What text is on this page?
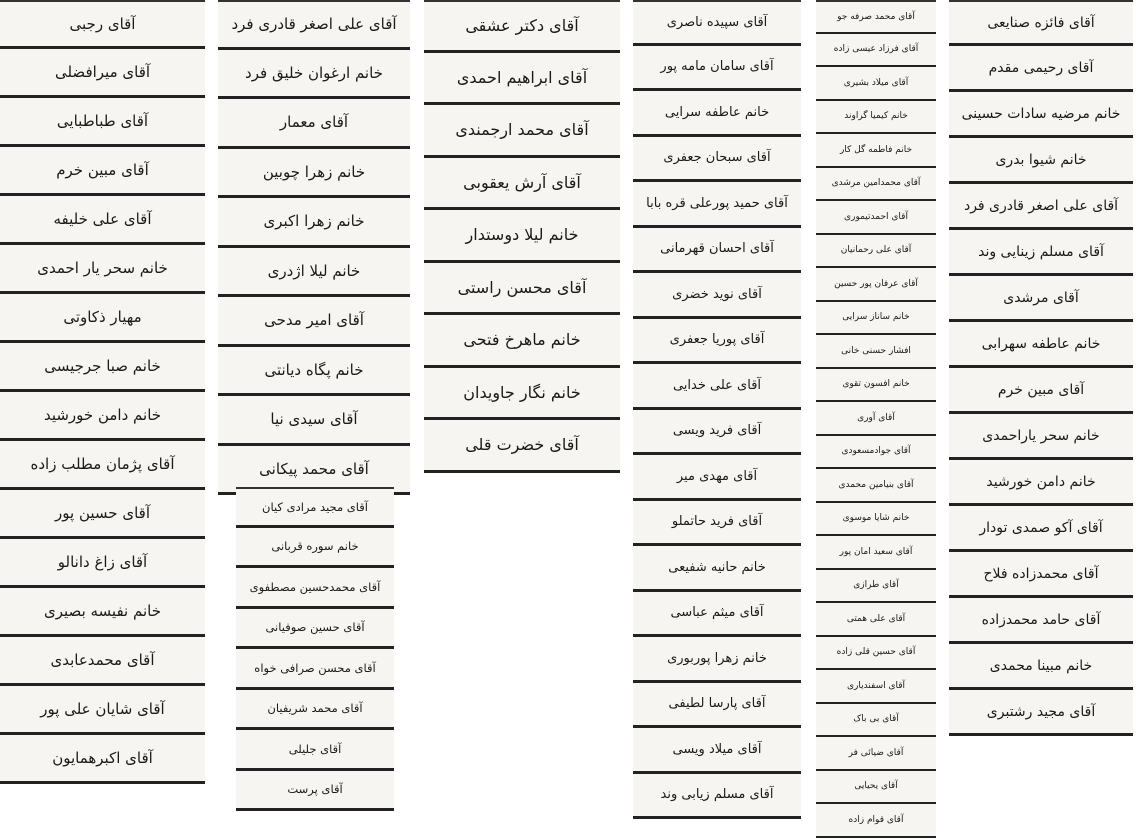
آقای رجبی
آقای میرافضلی
آقای طباطبایی
آقای مبین خرم
آقای علی خلیفه
خانم سحر یار احمدی
مهیار ذکاوتی
خانم صبا جرجیسی
خانم دامن خورشید
آقای پژمان مطلب زاده
آقای حسین پور
آقای زاغ دانالو
خانم نفیسه بصیری
آقای محمدعابدی
آقای شایان علی پور
آقای اکبرهمایون
آقای علی اصغر قادری فرد
خانم ارغوان خلیق فرد
آقای معمار
خانم زهرا چوبین
خانم زهرا اکبری
خانم لیلا اژدری
آقای امیر مدحی
خانم پگاه دیانتی
آقای سیدی نیا
آقای محمد پیکانی
آقای مجید مرادی کیان
خانم سوره قربانی
آقای محمدحسین مصطفوی
آقای حسین صوفیانی
آقای محسن صرافی خواه
آقای محمد شریفیان
آقای جلیلی
آقای پرست
آقای دکتر عشقی
آقای ابراهیم احمدی
آقای محمد ارجمندی
آقای آرش یعقوبی
خانم لیلا دوستدار
آقای محسن راستی
خانم ماهرخ فتحی
خانم نگار جاویدان
آقای خضرت قلی
آقای سپیده ناصری
آقای سامان مامه پور
خانم عاطفه سرایی
آقای سبحان جعفری
آقای حمید پورعلی قره بابا
آقای احسان قهرمانی
آقای نوید خضری
آقای پوریا جعفری
آقای علی خدایی
آقای فرید ویسی
آقای مهدی میر
آقای فرید حاتملو
خانم حانیه شفیعی
آقای میثم عباسی
خانم زهرا پوربوری
آقای پارسا لطیفی
آقای میلاد ویسی
آقای مسلم زیابی وند
آقای محمد صرفه جو
آقای فرزاد عیسی زاده
آقای میلاد بشیری
خانم کیمیا گراوند
خانم فاطمه گل کار
آقای محمدامین مرشدی
آقای احمدتیموری
آقای علی رحمانیان
آقای عرفان پور حسین
خانم ساناز سرایی
افشار حسنی خانی
خانم افسون تقوی
آقای آوری
آقای جوادمسعودی
آقای بنیامین محمدی
خانم شایا موسوی
آقای سعید امان پور
آقای طرازی
آقای علی همتی
آقای حسین قلی زاده
آقای اسفندیاری
آقای بی باک
آقای ضیائی فر
آقای یحیایی
آقای قوام زاده
آقای فائزه صنایعی
آقای رحیمی مقدم
خانم مرضیه سادات حسینی
خانم شیوا بدری
آقای علی اصغر قادری فرد
آقای مسلم زینایی وند
آقای مرشدی
خانم عاطفه سهرابی
آقای مبین خرم
خانم سحر یاراحمدی
خانم دامن خورشید
آقای آکو صمدی تودار
آقای محمدزاده فلاح
آقای حامد محمدزاده
خانم مبینا محمدی
آقای مجید رشتبری
